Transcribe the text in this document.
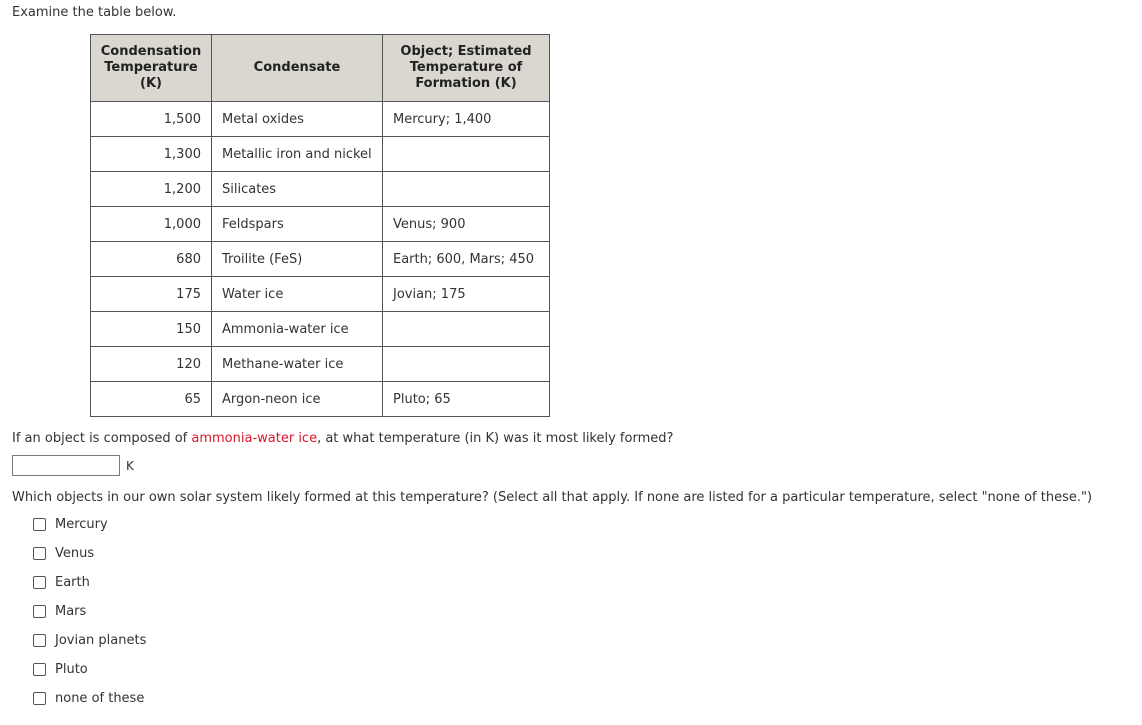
Examine the table below.
Condensation Temperature (K)	Condensate	Object; Estimated Temperature of Formation (K)
1,500	Metal oxides	Mercury; 1,400
1,300	Metallic iron and nickel	
1,200	Silicates	
1,000	Feldspars	Venus; 900
680	Troilite (FeS)	Earth; 600, Mars; 450
175	Water ice	Jovian; 175
150	Ammonia-water ice	
120	Methane-water ice	
65	Argon-neon ice	Pluto; 65
If an object is composed of ammonia-water ice, at what temperature (in K) was it most likely formed?
K
Which objects in our own solar system likely formed at this temperature? (Select all that apply. If none are listed for a particular temperature, select "none of these.")
Mercury
Venus
Earth
Mars
Jovian planets
Pluto
none of these
